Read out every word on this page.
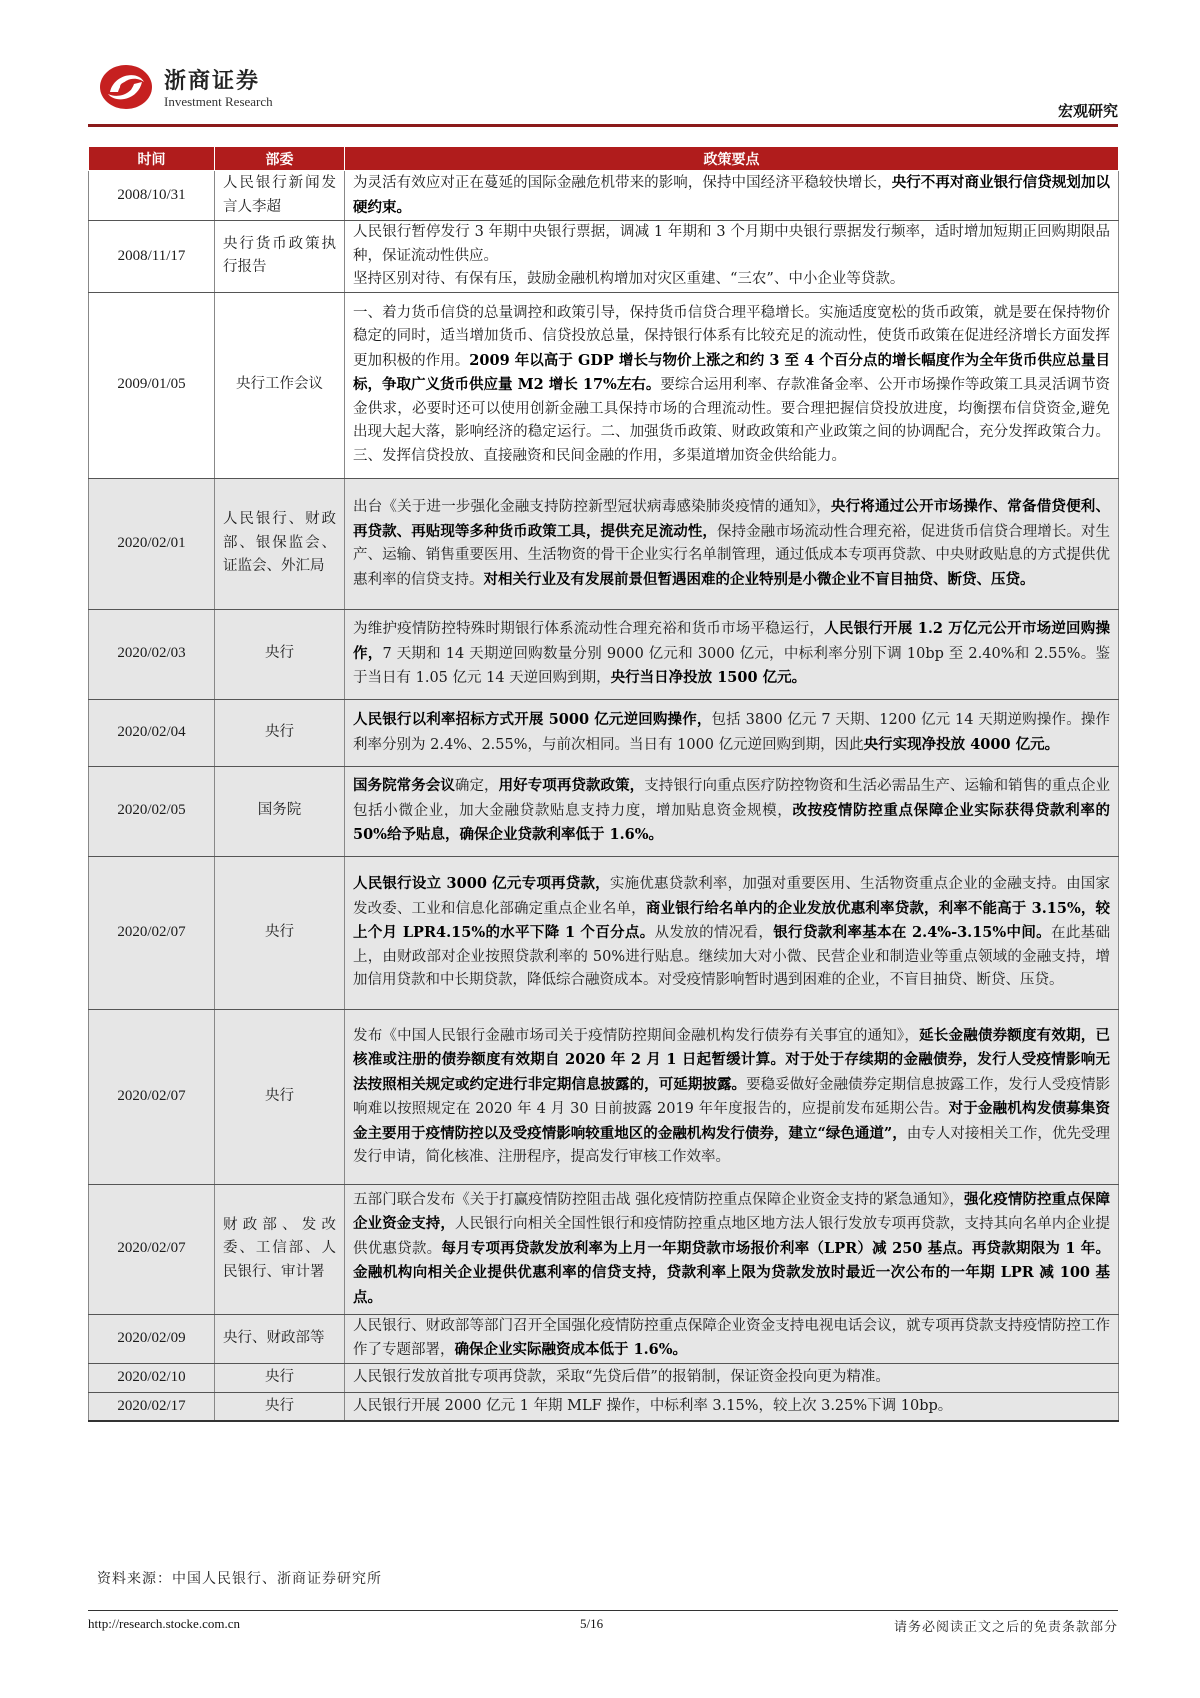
浙商证券
Investment Research
宏观研究
时间	部委	政策要点
2008/10/31	人民银行新闻发言人李超	为灵活有效应对正在蔓延的国际金融危机带来的影响，保持中国经济平稳较快增长，央行不再对商业银行信贷规划加以硬约束。
2008/11/17	央行货币政策执行报告	人民银行暂停发行 3 年期中央银行票据，调减 1 年期和 3 个月期中央银行票据发行频率，适时增加短期正回购期限品种，保证流动性供应。
坚持区别对待、有保有压，鼓励金融机构增加对灾区重建、“三农”、中小企业等贷款。
2009/01/05	央行工作会议	一、着力货币信贷的总量调控和政策引导，保持货币信贷合理平稳增长。实施适度宽松的货币政策，就是要在保持物价稳定的同时，适当增加货币、信贷投放总量，保持银行体系有比较充足的流动性，使货币政策在促进经济增长方面发挥更加积极的作用。2009 年以高于 GDP 增长与物价上涨之和约 3 至 4 个百分点的增长幅度作为全年货币供应总量目标，争取广义货币供应量 M2 增长 17%左右。要综合运用利率、存款准备金率、公开市场操作等政策工具灵活调节资金供求，必要时还可以使用创新金融工具保持市场的合理流动性。要合理把握信贷投放进度，均衡摆布信贷资金,避免出现大起大落，影响经济的稳定运行。二、加强货币政策、财政政策和产业政策之间的协调配合，充分发挥政策合力。三、发挥信贷投放、直接融资和民间金融的作用，多渠道增加资金供给能力。
2020/02/01	人民银行、财政部、银保监会、证监会、外汇局	出台《关于进一步强化金融支持防控新型冠状病毒感染肺炎疫情的通知》，央行将通过公开市场操作、常备借贷便利、再贷款、再贴现等多种货币政策工具，提供充足流动性，保持金融市场流动性合理充裕，促进货币信贷合理增长。对生产、运输、销售重要医用、生活物资的骨干企业实行名单制管理，通过低成本专项再贷款、中央财政贴息的方式提供优惠利率的信贷支持。对相关行业及有发展前景但暂遇困难的企业特别是小微企业不盲目抽贷、断贷、压贷。
2020/02/03	央行	为维护疫情防控特殊时期银行体系流动性合理充裕和货币市场平稳运行，人民银行开展 1.2 万亿元公开市场逆回购操作，7 天期和 14 天期逆回购数量分别 9000 亿元和 3000 亿元，中标利率分别下调 10bp 至 2.40%和 2.55%。鉴于当日有 1.05 亿元 14 天逆回购到期，央行当日净投放 1500 亿元。
2020/02/04	央行	人民银行以利率招标方式开展 5000 亿元逆回购操作，包括 3800 亿元 7 天期、1200 亿元 14 天期逆购操作。操作利率分别为 2.4%、2.55%，与前次相同。当日有 1000 亿元逆回购到期，因此央行实现净投放 4000 亿元。
2020/02/05	国务院	国务院常务会议确定，用好专项再贷款政策，支持银行向重点医疗防控物资和生活必需品生产、运输和销售的重点企业包括小微企业，加大金融贷款贴息支持力度，增加贴息资金规模，改按疫情防控重点保障企业实际获得贷款利率的 50%给予贴息，确保企业贷款利率低于 1.6%。
2020/02/07	央行	人民银行设立 3000 亿元专项再贷款，实施优惠贷款利率，加强对重要医用、生活物资重点企业的金融支持。由国家发改委、工业和信息化部确定重点企业名单，商业银行给名单内的企业发放优惠利率贷款，利率不能高于 3.15%，较上个月 LPR4.15%的水平下降 1 个百分点。从发放的情况看，银行贷款利率基本在 2.4%-3.15%中间。在此基础上，由财政部对企业按照贷款利率的 50%进行贴息。继续加大对小微、民营企业和制造业等重点领域的金融支持，增加信用贷款和中长期贷款，降低综合融资成本。对受疫情影响暂时遇到困难的企业，不盲目抽贷、断贷、压贷。
2020/02/07	央行	发布《中国人民银行金融市场司关于疫情防控期间金融机构发行债券有关事宜的通知》，延长金融债券额度有效期，已核准或注册的债券额度有效期自 2020 年 2 月 1 日起暂缓计算。对于处于存续期的金融债券，发行人受疫情影响无法按照相关规定或约定进行非定期信息披露的，可延期披露。要稳妥做好金融债券定期信息披露工作，发行人受疫情影响难以按照规定在 2020 年 4 月 30 日前披露 2019 年年度报告的，应提前发布延期公告。对于金融机构发债募集资金主要用于疫情防控以及受疫情影响较重地区的金融机构发行债券，建立“绿色通道”，由专人对接相关工作，优先受理发行申请，简化核准、注册程序，提高发行审核工作效率。
2020/02/07	财政部、发改委、工信部、人民银行、审计署	五部门联合发布《关于打赢疫情防控阻击战 强化疫情防控重点保障企业资金支持的紧急通知》，强化疫情防控重点保障企业资金支持，人民银行向相关全国性银行和疫情防控重点地区地方法人银行发放专项再贷款，支持其向名单内企业提供优惠贷款。每月专项再贷款发放利率为上月一年期贷款市场报价利率（LPR）减 250 基点。再贷款期限为 1 年。金融机构向相关企业提供优惠利率的信贷支持，贷款利率上限为贷款发放时最近一次公布的一年期 LPR 减 100 基点。
2020/02/09	央行、财政部等	人民银行、财政部等部门召开全国强化疫情防控重点保障企业资金支持电视电话会议，就专项再贷款支持疫情防控工作作了专题部署，确保企业实际融资成本低于 1.6%。
2020/02/10	央行	人民银行发放首批专项再贷款，采取“先贷后借”的报销制，保证资金投向更为精准。
2020/02/17	央行	人民银行开展 2000 亿元 1 年期 MLF 操作，中标利率 3.15%，较上次 3.25%下调 10bp。
资料来源：中国人民银行、浙商证券研究所
http://research.stocke.com.cn	5/16	请务必阅读正文之后的免责条款部分
